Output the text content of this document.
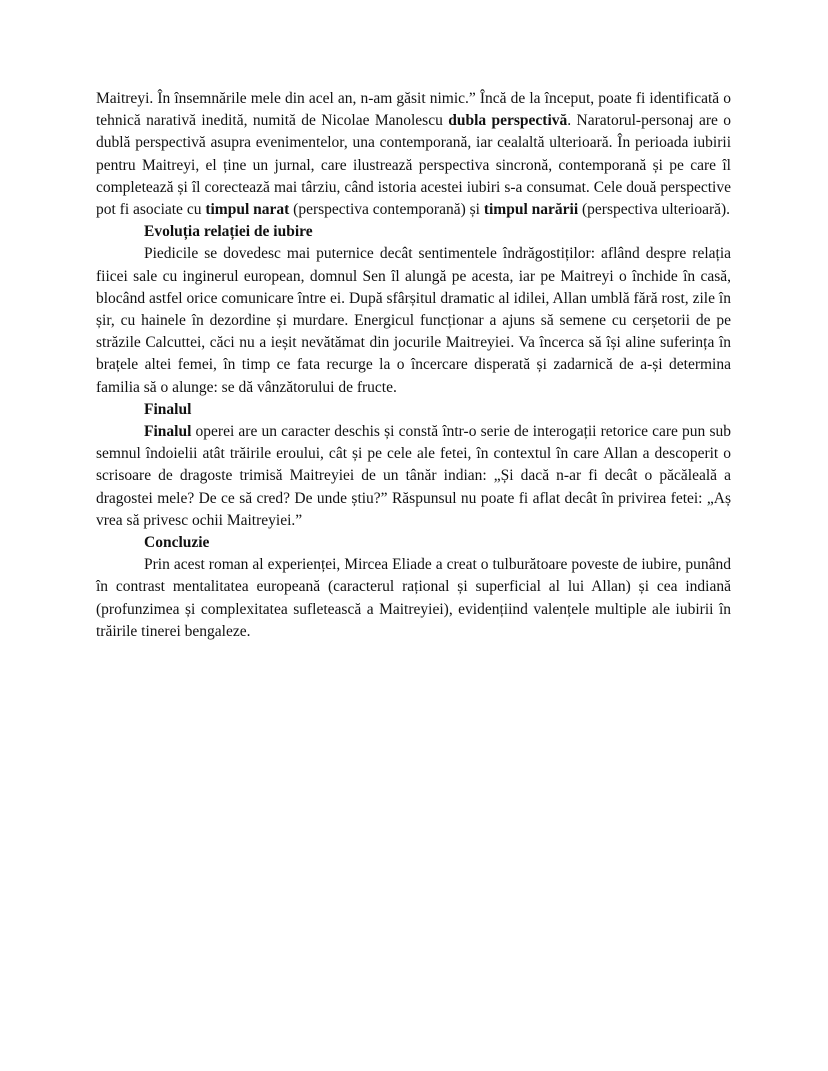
Maitreyi. În însemnările mele din acel an, n-am găsit nimic.” Încă de la început, poate fi identificată o tehnică narativă inedită, numită de Nicolae Manolescu dubla perspectivă. Naratorul-personaj are o dublă perspectivă asupra evenimentelor, una contemporană, iar cealaltă ulterioară. În perioada iubirii pentru Maitreyi, el ține un jurnal, care ilustrează perspectiva sincronă, contemporană și pe care îl completează și îl corectează mai târziu, când istoria acestei iubiri s-a consumat. Cele două perspective pot fi asociate cu timpul narat (perspectiva contemporană) și timpul narării (perspectiva ulterioară).

Evoluția relației de iubire

Piedicile se dovedesc mai puternice decât sentimentele îndrăgostiților: aflând despre relația fiicei sale cu inginerul european, domnul Sen îl alungă pe acesta, iar pe Maitreyi o închide în casă, blocând astfel orice comunicare între ei. După sfârșitul dramatic al idilei, Allan umblă fără rost, zile în șir, cu hainele în dezordine și murdare. Energicul funcționar a ajuns să semene cu cerșetorii de pe străzile Calcuttei, căci nu a ieșit nevătămat din jocurile Maitreyiei. Va încerca să își aline suferința în brațele altei femei, în timp ce fata recurge la o încercare disperată și zadarnică de a-și determina familia să o alunge: se dă vânzătorului de fructe.

Finalul

Finalul operei are un caracter deschis și constă într-o serie de interogații retorice care pun sub semnul îndoielii atât trăirile eroului, cât și pe cele ale fetei, în contextul în care Allan a descoperit o scrisoare de dragoste trimisă Maitreyiei de un tânăr indian: „Și dacă n-ar fi decât o păcăleală a dragostei mele? De ce să cred? De unde știu?” Răspunsul nu poate fi aflat decât în privirea fetei: „Aș vrea să privesc ochii Maitreyiei.”

Concluzie

Prin acest roman al experienței, Mircea Eliade a creat o tulburătoare poveste de iubire, punând în contrast mentalitatea europeană (caracterul rațional și superficial al lui Allan) și cea indiană (profunzimea și complexitatea sufletească a Maitreyiei), evidențiind valențele multiple ale iubirii în trăirile tinerei bengaleze.
